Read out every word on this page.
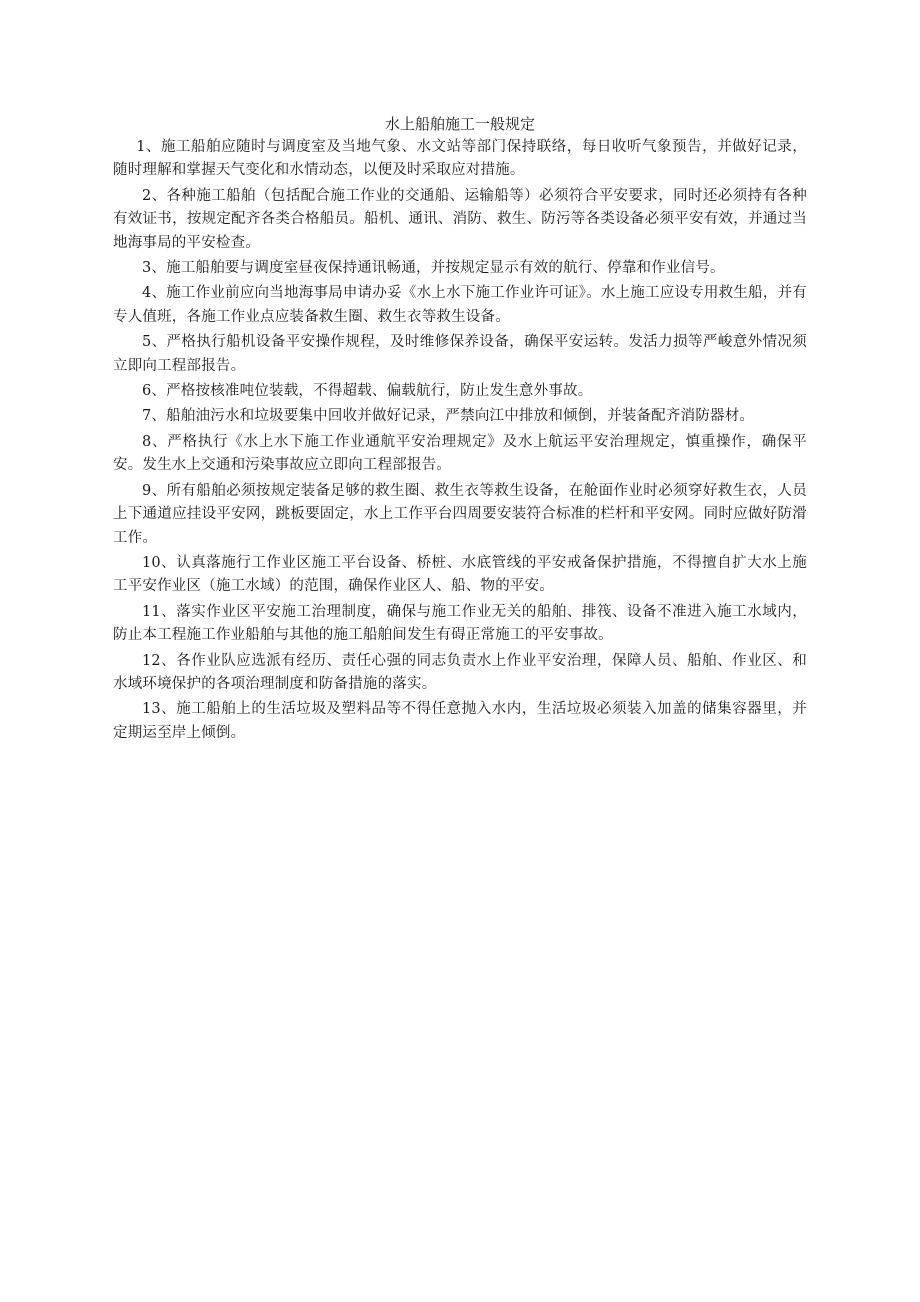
水上船舶施工一般规定

1、施工船舶应随时与调度室及当地气象、水文站等部门保持联络，每日收听气象预告，并做好记录，随时理解和掌握天气变化和水情动态，以便及时采取应对措施。

2、各种施工船舶（包括配合施工作业的交通船、运输船等）必须符合平安要求，同时还必须持有各种有效证书，按规定配齐各类合格船员。船机、通讯、消防、救生、防污等各类设备必须平安有效，并通过当地海事局的平安检查。

3、施工船舶要与调度室昼夜保持通讯畅通，并按规定显示有效的航行、停靠和作业信号。

4、施工作业前应向当地海事局申请办妥《水上水下施工作业许可证》。水上施工应设专用救生船，并有专人值班，各施工作业点应装备救生圈、救生衣等救生设备。

5、严格执行船机设备平安操作规程，及时维修保养设备，确保平安运转。发活力损等严峻意外情况须立即向工程部报告。

6、严格按核准吨位装载，不得超载、偏载航行，防止发生意外事故。

7、船舶油污水和垃圾要集中回收并做好记录，严禁向江中排放和倾倒，并装备配齐消防器材。

8、严格执行《水上水下施工作业通航平安治理规定》及水上航运平安治理规定，慎重操作，确保平安。发生水上交通和污染事故应立即向工程部报告。

9、所有船舶必须按规定装备足够的救生圈、救生衣等救生设备，在舱面作业时必须穿好救生衣，人员上下通道应挂设平安网，跳板要固定，水上工作平台四周要安装符合标准的栏杆和平安网。同时应做好防滑工作。

10、认真落施行工作业区施工平台设备、桥桩、水底管线的平安戒备保护措施，不得擅自扩大水上施工平安作业区（施工水域）的范围，确保作业区人、船、物的平安。

11、落实作业区平安施工治理制度，确保与施工作业无关的船舶、排筏、设备不准进入施工水域内，防止本工程施工作业船舶与其他的施工船舶间发生有碍正常施工的平安事故。

12、各作业队应选派有经历、责任心强的同志负责水上作业平安治理，保障人员、船舶、作业区、和水域环境保护的各项治理制度和防备措施的落实。

13、施工船舶上的生活垃圾及塑料品等不得任意抛入水内，生活垃圾必须装入加盖的储集容器里，并定期运至岸上倾倒。
